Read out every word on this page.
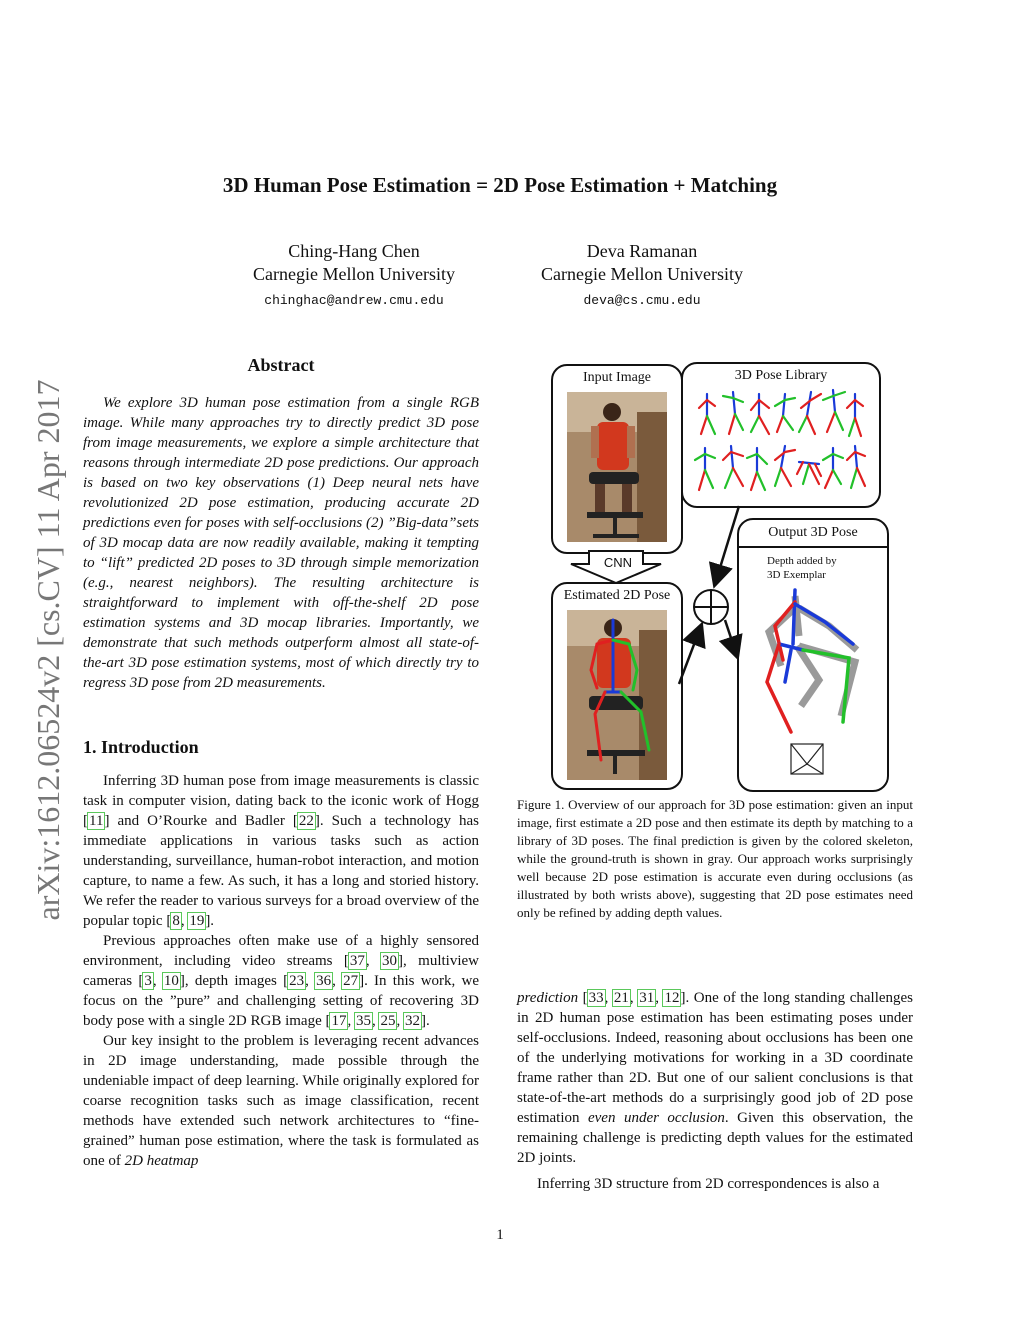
3D Human Pose Estimation = 2D Pose Estimation + Matching
Ching-Hang Chen
Carnegie Mellon University
chinghac@andrew.cmu.edu
Deva Ramanan
Carnegie Mellon University
deva@cs.cmu.edu
arXiv:1612.06524v2 [cs.CV] 11 Apr 2017
Abstract

We explore 3D human pose estimation from a single RGB image. While many approaches try to directly predict 3D pose from image measurements, we explore a simple architecture that reasons through intermediate 2D pose predictions. Our approach is based on two key observations (1) Deep neural nets have revolutionized 2D pose estimation, producing accurate 2D predictions even for poses with self-occlusions (2) ”Big-data”sets of 3D mocap data are now readily available, making it tempting to “lift” predicted 2D poses to 3D through simple memorization (e.g., nearest neighbors). The resulting architecture is straightforward to implement with off-the-shelf 2D pose estimation systems and 3D mocap libraries. Importantly, we demonstrate that such methods outperform almost all state-of-the-art 3D pose estimation systems, most of which directly try to regress 3D pose from 2D measurements.

1. Introduction

Inferring 3D human pose from image measurements is classic task in computer vision, dating back to the iconic work of Hogg [11] and O’Rourke and Badler [22]. Such a technology has immediate applications in various tasks such as action understanding, surveillance, human-robot interaction, and motion capture, to name a few. As such, it has a long and storied history. We refer the reader to various surveys for a broad overview of the popular topic [8, 19].

Previous approaches often make use of a highly sensored environment, including video streams [37, 30], multiview cameras [3, 10], depth images [23, 36, 27]. In this work, we focus on the ”pure” and challenging setting of recovering 3D body pose with a single 2D RGB image [17, 35, 25, 32].

Our key insight to the problem is leveraging recent advances in 2D image understanding, made possible through the undeniable impact of deep learning. While originally explored for coarse recognition tasks such as image classification, recent methods have extended such network architectures to “fine-grained” human pose estimation, where the task is formulated as one of 2D heatmap

Input Image	3D Pose Library
CNN
Estimated 2D Pose
Output 3D Pose
Depth added by
3D Exemplar
Figure 1. Overview of our approach for 3D pose estimation: given an input image, first estimate a 2D pose and then estimate its depth by matching to a library of 3D poses. The final prediction is given by the colored skeleton, while the ground-truth is shown in gray. Our approach works surprisingly well because 2D pose estimation is accurate even during occlusions (as illustrated by both wrists above), suggesting that 2D pose estimates need only be refined by adding depth values.

prediction [33, 21, 31, 12]. One of the long standing challenges in 2D human pose estimation has been estimating poses under self-occlusions. Indeed, reasoning about occlusions has been one of the underlying motivations for working in a 3D coordinate frame rather than 2D. But one of our salient conclusions is that state-of-the-art methods do a surprisingly good job of 2D pose estimation even under occlusion. Given this observation, the remaining challenge is predicting depth values for the estimated 2D joints.

Inferring 3D structure from 2D correspondences is also a

1
